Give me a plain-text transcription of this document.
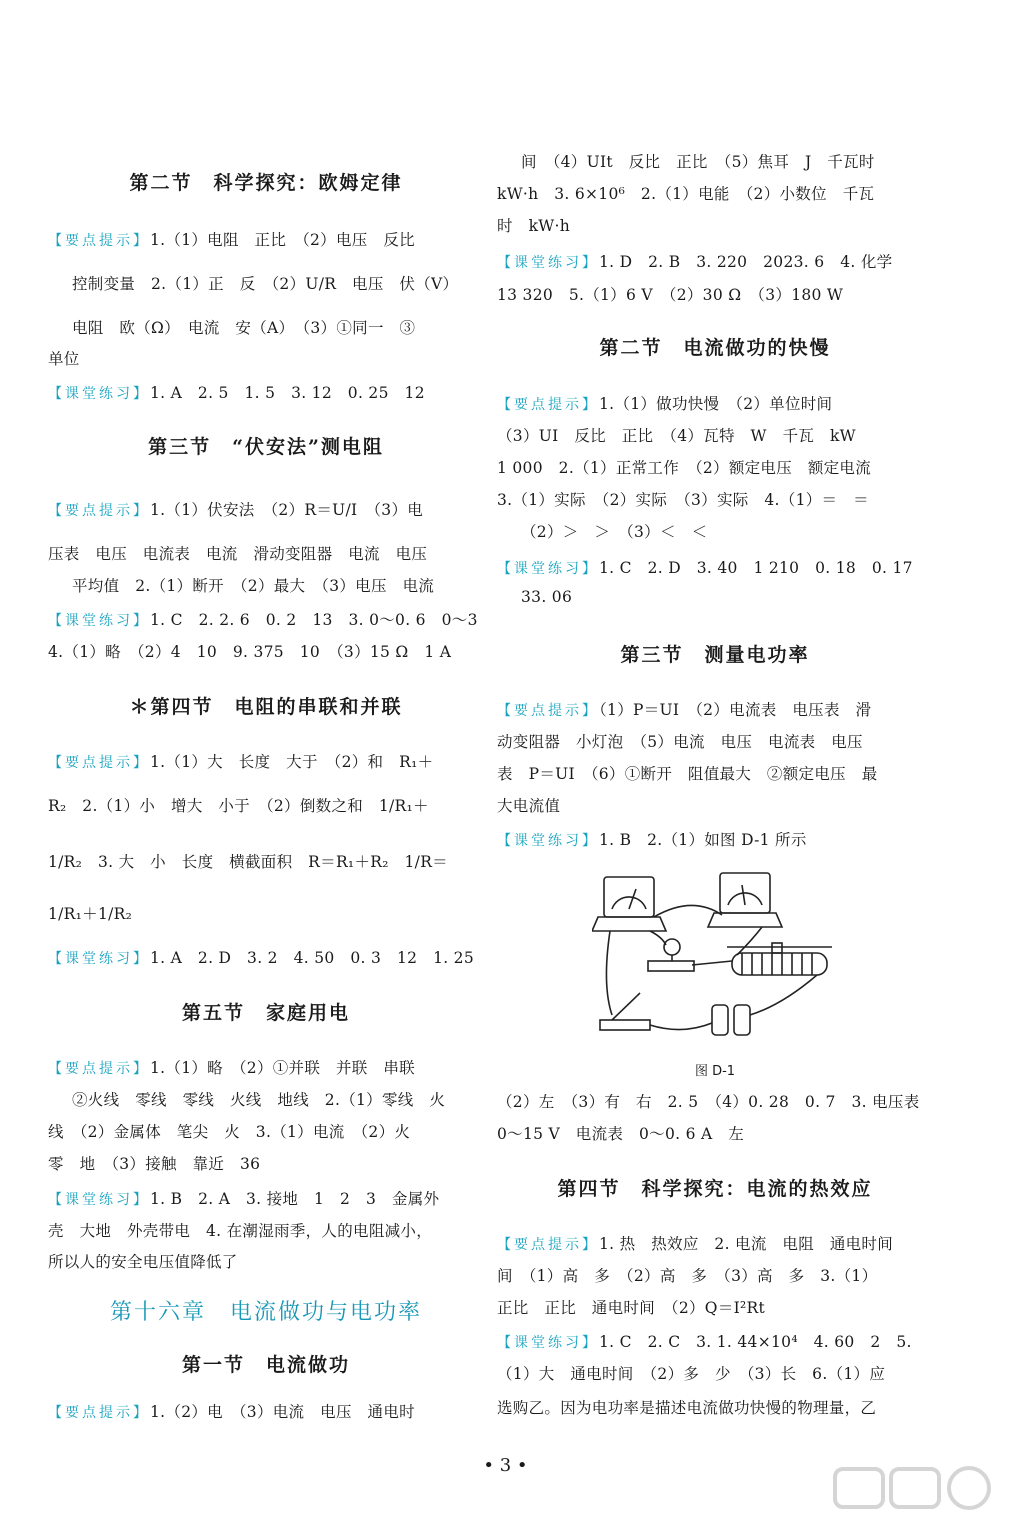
第二节　科学探究：欧姆定律
【要点提示】1.（1）电阻　正比　（2）电压　反比
控制变量　2.（1）正　反　（2）U/R　电压　伏（V）
电阻　欧（Ω）　电流　安（A）　（3）①同一　③
单位
【课堂练习】1. A　2. 5　1. 5　3. 12　0. 25　12
第三节　“伏安法”测电阻
【要点提示】1.（1）伏安法　（2）R＝U/I　（3）电
压表　电压　电流表　电流　滑动变阻器　电流　电压
平均值　2.（1）断开　（2）最大　（3）电压　电流
【课堂练习】1. C　2. 2. 6　0. 2　13　3. 0～0. 6　0～3
4.（1）略　（2）4　10　9. 375　10　（3）15 Ω　1 A
＊第四节　电阻的串联和并联
【要点提示】1.（1）大　长度　大于　（2）和　R₁＋
R₂　2.（1）小　增大　小于　（2）倒数之和　1/R₁＋
1/R₂　3. 大　小　长度　横截面积　R＝R₁＋R₂　1/R＝
1/R₁＋1/R₂
【课堂练习】1. A　2. D　3. 2　4. 50　0. 3　12　1. 25
第五节　家庭用电
【要点提示】1.（1）略　（2）①并联　并联　串联
②火线　零线　零线　火线　地线　2.（1）零线　火
线　（2）金属体　笔尖　火　3.（1）电流　（2）火
零　地　（3）接触　靠近　36
【课堂练习】1. B　2. A　3. 接地　1　2　3　金属外
壳　大地　外壳带电　4. 在潮湿雨季，人的电阻减小，
所以人的安全电压值降低了
第十六章　电流做功与电功率
第一节　电流做功
【要点提示】1.（2）电　（3）电流　电压　通电时
图 D-1
间　（4）UIt　反比　正比　（5）焦耳　J　千瓦时
kW·h　3. 6×10⁶　2.（1）电能　（2）小数位　千瓦
时　kW·h
【课堂练习】1. D　2. B　3. 220　2023. 6　4. 化学
13 320　5.（1）6 V　（2）30 Ω　（3）180 W
第二节　电流做功的快慢
【要点提示】1.（1）做功快慢　（2）单位时间
（3）UI　反比　正比　（4）瓦特　W　千瓦　kW
1 000　2.（1）正常工作　（2）额定电压　额定电流
3.（1）实际　（2）实际　（3）实际　4.（1）＝　＝
（2）＞　＞　（3）＜　＜
【课堂练习】1. C　2. D　3. 40　1 210　0. 18　0. 17
33. 06
第三节　测量电功率
【要点提示】（1）P＝UI　（2）电流表　电压表　滑
动变阻器　小灯泡　（5）电流　电压　电流表　电压
表　P＝UI　（6）①断开　阻值最大　②额定电压　最
大电流值
【课堂练习】1. B　2.（1）如图 D-1 所示
（2）左　（3）有　右　2. 5　（4）0. 28　0. 7　3. 电压表
0～15 V　电流表　0～0. 6 A　左
第四节　科学探究：电流的热效应
【要点提示】1. 热　热效应　2. 电流　电阻　通电时间
间　（1）高　多　（2）高　多　（3）高　多　3.（1）
正比　正比　通电时间　（2）Q＝I²Rt
【课堂练习】1. C　2. C　3. 1. 44×10⁴　4. 60　2　5.
（1）大　通电时间　（2）多　少　（3）长　6.（1）应
选购乙。因为电功率是描述电流做功快慢的物理量，乙
• 3 •
